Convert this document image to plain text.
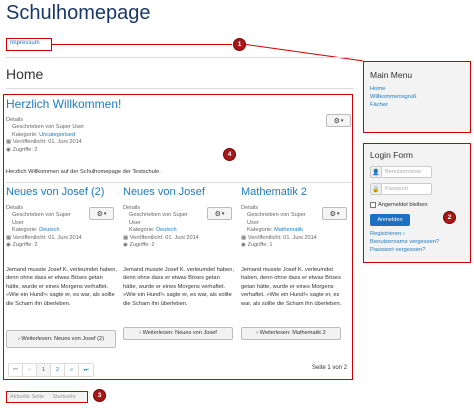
Schulhomepage
Impressum	1
Home
Herzlich Willkommen!
⚙ ▾
Details
Geschrieben von Super User
Kategorie: Uncategorised
▦ Veröffentlicht: 01. Juni 2014
◉ Zugriffe: 2
4
Herzlich Willkommen auf der Schulhomepage der Testschule.
Neues von Josef (2)
⚙ ▾
Details
Geschrieben von Super
User
Kategorie: Deutsch
▦ Veröffentlicht: 01. Juni 2014
◉ Zugriffe: 2
Jemand musste Josef K. verleumdet haben, denn ohne dass er etwas Böses getan hätte, wurde er eines Morgens verhaftet. »Wie ein Hund!« sagte er, es war, als sollte die Scham ihn überleben.
› Weiterlesen: Neues von Josef (2)
Neues von Josef
⚙ ▾
Details
Geschrieben von Super
User
Kategorie: Deutsch
▦ Veröffentlicht: 01. Juni 2014
◉ Zugriffe: 2
Jemand musste Josef K. verleumdet haben, denn ohne dass er etwas Böses getan hätte, wurde er eines Morgens verhaftet. »Wie ein Hund!« sagte er, es war, als sollte die Scham ihn überleben.
› Weiterlesen: Neues von Josef
Mathematik 2
⚙ ▾
Details
Geschrieben von Super
User
Kategorie: Mathematik
▦ Veröffentlicht: 01. Juni 2014
◉ Zugriffe: 1
Jemand musste Josef K. verleumdet haben, denn ohne dass er etwas Böses getan hätte, wurde er eines Morgens verhaftet. »Wie ein Hund!« sagte er, es war, als sollte die Scham ihn überleben.
› Weiterlesen: Mathematik 2
⏮	«	1	2	»	⏭	Seite 1 von 2
Aktuelle Seite Startseite	3
Main Menu
Home
Willkommensgruß
Fächer
Login Form
👤 Benutzername
🔒 Passwort
Angemeldet bleiben
Anmelden
Registrieren ›
Benutzername vergessen?
Passwort vergessen?
2
